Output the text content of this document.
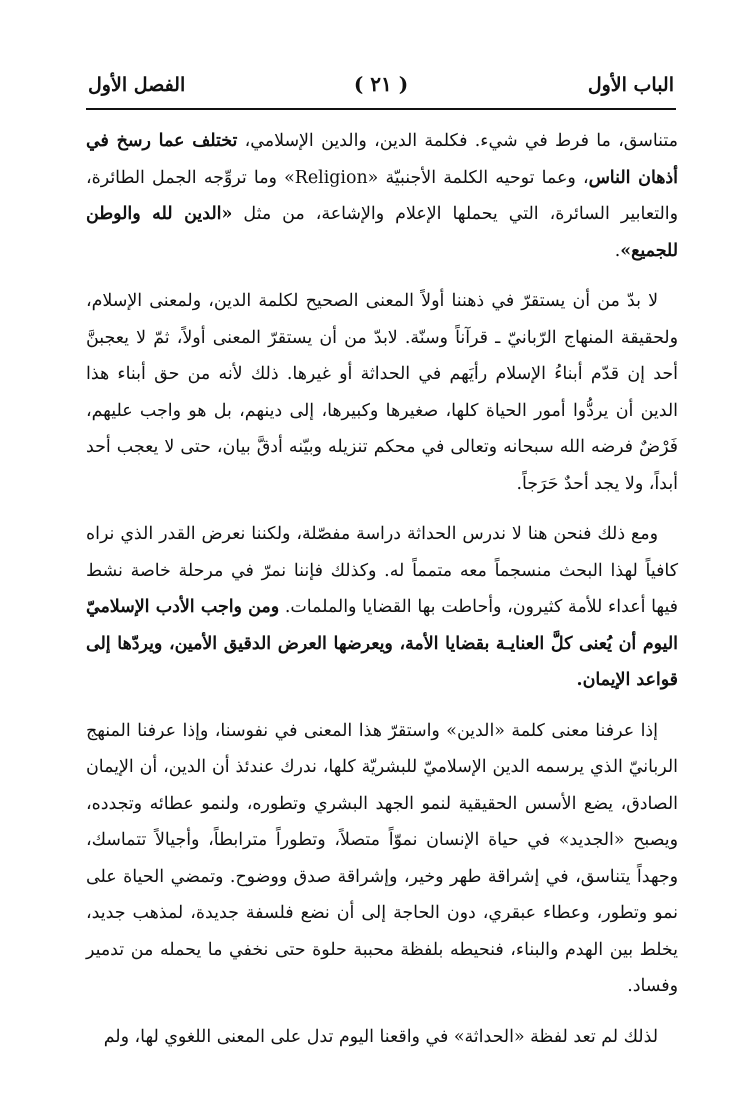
الباب الأول
( ٢١ )
الفصل الأول

متناسق، ما فرط في شيء. فكلمة الدين، والدين الإسلامي، تختلف عما رسخ في أذهان الناس، وعما توحيه الكلمة الأجنبيّة «Religion» وما تروِّجه الجمل الطائرة، والتعابير السائرة، التي يحملها الإعلام والإشاعة، من مثل «الدين لله والوطن للجميع».

لا بدّ من أن يستقرّ في ذهننا أولاً المعنى الصحيح لكلمة الدين، ولمعنى الإسلام، ولحقيقة المنهاج الرّبانيّ ـ قرآناً وسنّة. لابدّ من أن يستقرّ المعنى أولاً، ثمّ لا يعجبنَّ أحد إن قدّم أبناءُ الإسلام رأيَهم في الحداثة أو غيرها. ذلك لأنه من حق أبناء هذا الدين أن يردُّوا أمور الحياة كلها، صغيرها وكبيرها، إلى دينهم، بل هو واجب عليهم، فَرْضٌ فرضه الله سبحانه وتعالى في محكم تنزيله وبيّنه أدقَّ بيان، حتى لا يعجب أحد أبداً، ولا يجد أحدٌ حَرَجاً.

ومع ذلك فنحن هنا لا ندرس الحداثة دراسة مفصّلة، ولكننا نعرض القدر الذي نراه كافياً لهذا البحث منسجماً معه متمماً له. وكذلك فإننا نمرّ في مرحلة خاصة نشط فيها أعداء للأمة كثيرون، وأحاطت بها القضايا والملمات. ومن واجب الأدب الإسلاميّ اليوم أن يُعنى كلَّ العنايـة بقضايا الأمة، ويعرضها العرض الدقيق الأمين، ويردّها إلى قواعد الإيمان.

إذا عرفنا معنى كلمة «الدين» واستقرّ هذا المعنى في نفوسنا، وإذا عرفنا المنهج الربانيّ الذي يرسمه الدين الإسلاميّ للبشريّة كلها، ندرك عندئذ أن الدين، أن الإيمان الصادق، يضع الأسس الحقيقية لنمو الجهد البشري وتطوره، ولنمو عطائه وتجدده، ويصبح «الجديد» في حياة الإنسان نموّاً متصلاً، وتطوراً مترابطاً، وأجيالاً تتماسك، وجهداً يتناسق، في إشراقة طهر وخير، وإشراقة صدق ووضوح. وتمضي الحياة على نمو وتطور، وعطاء عبقري، دون الحاجة إلى أن نضع فلسفة جديدة، لمذهب جديد، يخلط بين الهدم والبناء، فنحيطه بلفظة محببة حلوة حتى نخفي ما يحمله من تدمير وفساد.

لذلك لم تعد لفظة «الحداثة» في واقعنا اليوم تدل على المعنى اللغوي لها، ولم
